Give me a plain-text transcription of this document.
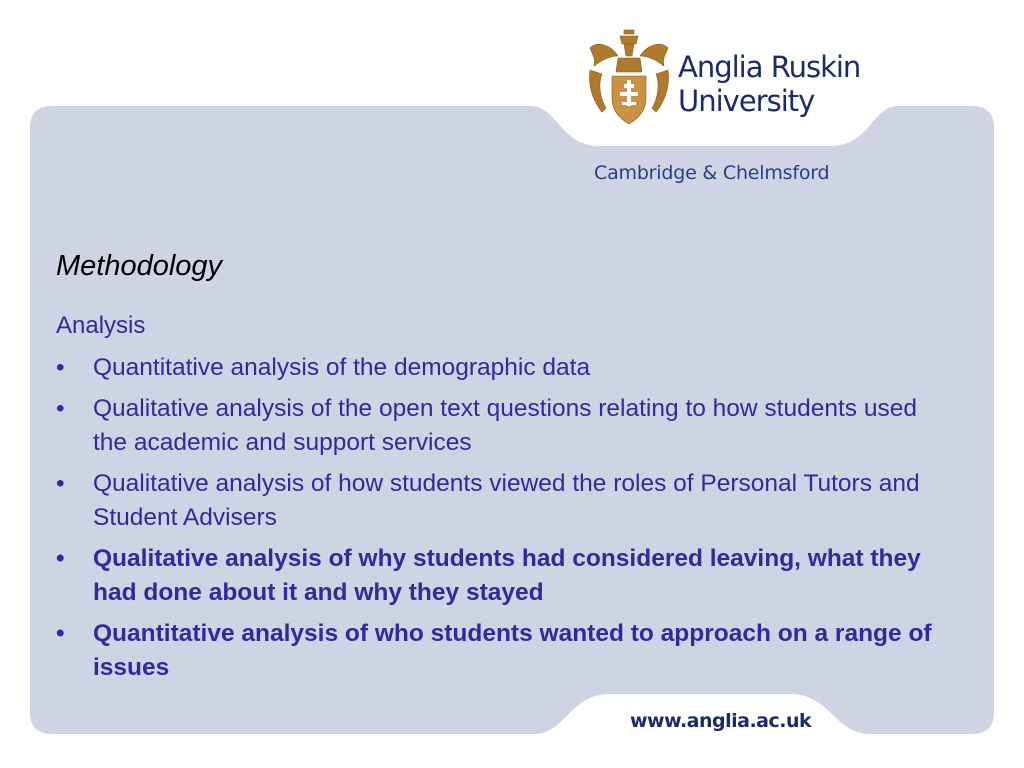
Anglia Ruskin
University
Cambridge & Chelmsford
Methodology
Analysis
• Quantitative analysis of the demographic data
• Qualitative analysis of the open text questions relating to how students used the academic and support services
• Qualitative analysis of how students viewed the roles of Personal Tutors and Student Advisers
• Qualitative analysis of why students had considered leaving, what they had done about it and why they stayed
• Quantitative analysis of who students wanted to approach on a range of issues
www.anglia.ac.uk
